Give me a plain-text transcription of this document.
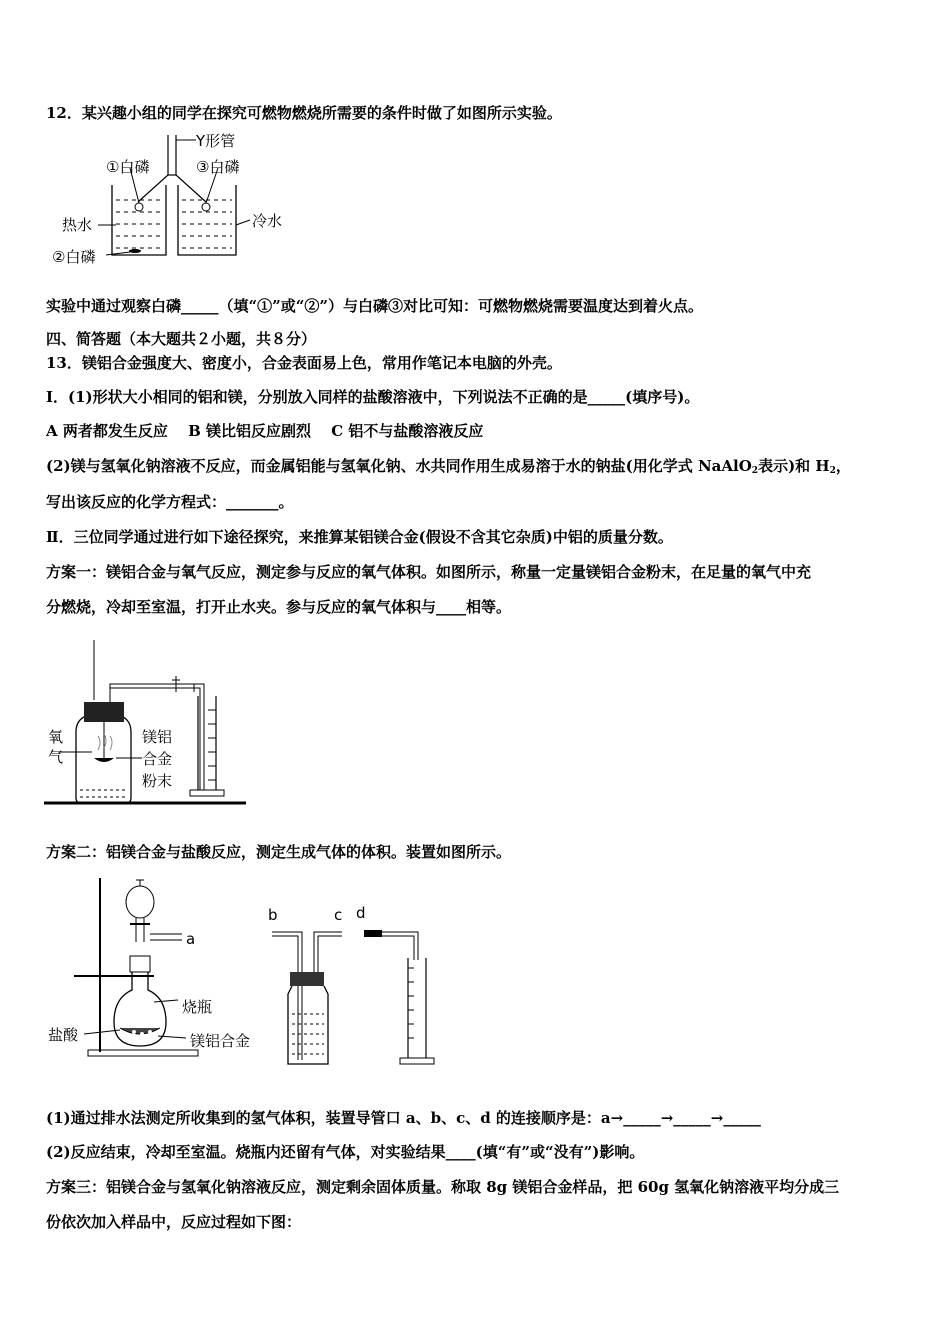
12．某兴趣小组的同学在探究可燃物燃烧所需要的条件时做了如图所示实验。
Y形管
①白磷	③白磷
热水	冷水
②白磷
实验中通过观察白磷_____（填“①”或“②”）与白磷③对比可知：可燃物燃烧需要温度达到着火点。
四、简答题（本大题共２小题，共８分）
13．镁铝合金强度大、密度小，合金表面易上色，常用作笔记本电脑的外壳。
Ⅰ．(1)形状大小相同的铝和镁，分别放入同样的盐酸溶液中，下列说法不正确的是_____(填序号)。
A 两者都发生反应　 B 镁比铝反应剧烈　 C 铝不与盐酸溶液反应
(2)镁与氢氧化钠溶液不反应，而金属铝能与氢氧化钠、水共同作用生成易溶于水的钠盐(用化学式 NaAlO$_2$表示)和 $H_2$，
写出该反应的化学方程式：_______。
Ⅱ．三位同学通过进行如下途径探究，来推算某铝镁合金(假设不含其它杂质)中铝的质量分数。
方案一：镁铝合金与氧气反应，测定参与反应的氧气体积。如图所示，称量一定量镁铝合金粉末，在足量的氧气中充
分燃烧，冷却至室温，打开止水夹。参与反应的氧气体积与____相等。
氧
气
镁铝
合金
粉末
方案二：铝镁合金与盐酸反应，测定生成气体的体积。装置如图所示。
a
烧瓶
盐酸	镁铝合金
b	c d
(1)通过排水法测定所收集到的氢气体积，装置导管口 a、b、c、d 的连接顺序是：a→_____→_____→_____
(2)反应结束，冷却至室温。烧瓶内还留有气体，对实验结果____(填“有”或“没有”)影响。
方案三：铝镁合金与氢氧化钠溶液反应，测定剩余固体质量。称取 8g 镁铝合金样品，把 60g 氢氧化钠溶液平均分成三
份依次加入样品中，反应过程如下图：
